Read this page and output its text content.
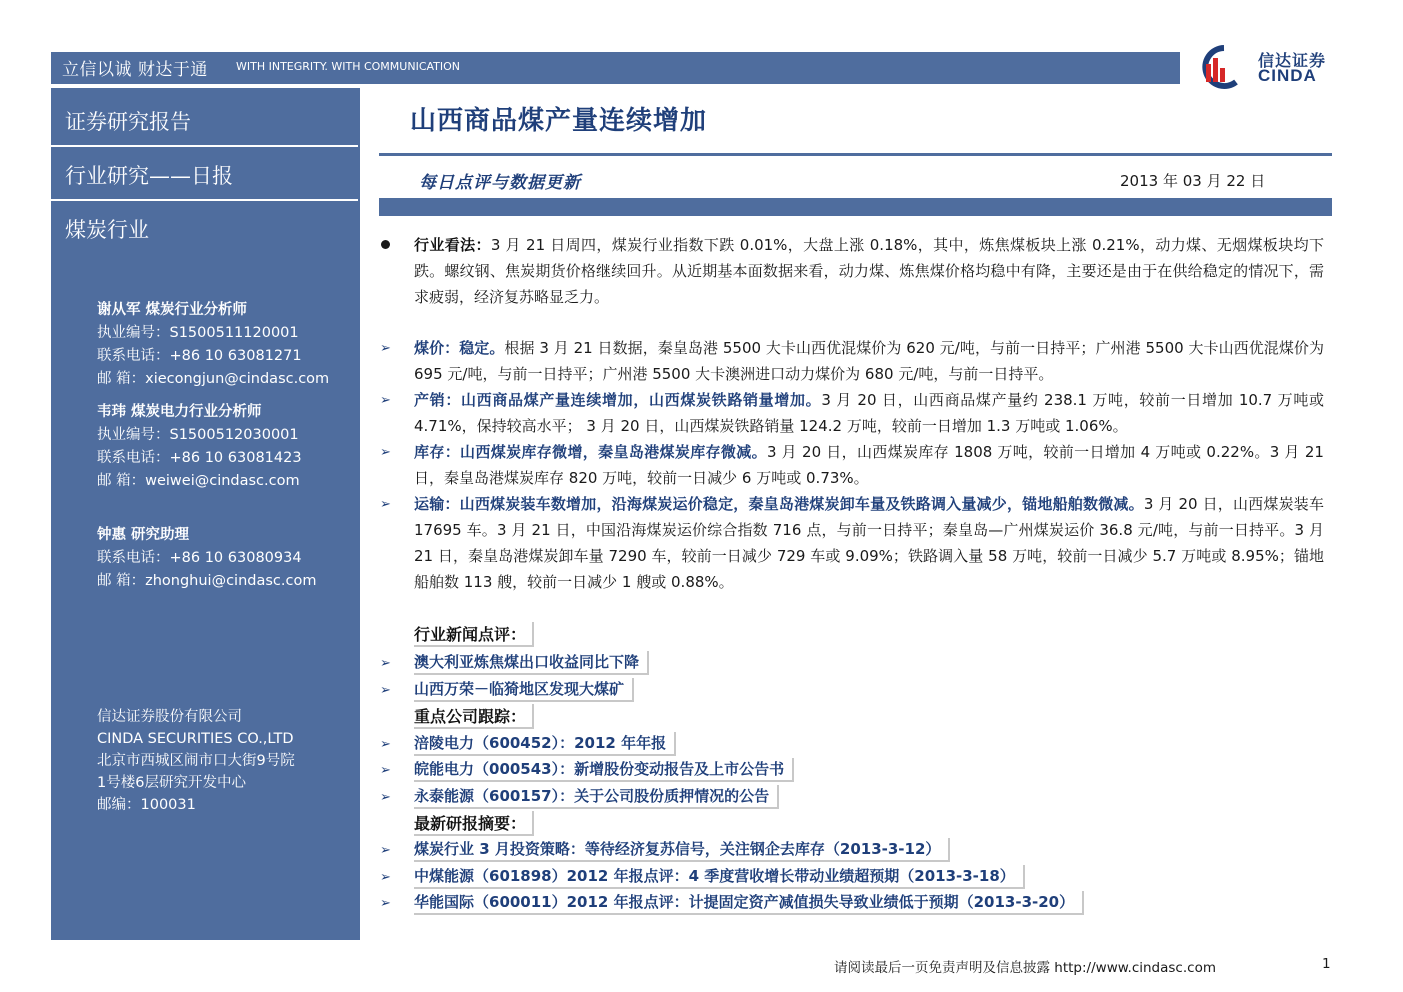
立信以诚 财达于通	WITH INTEGRITY. WITH COMMUNICATION	信达证券
CINDA
证券研究报告
行业研究——日报
煤炭行业
谢从军 煤炭行业分析师
执业编号：S1500511120001
联系电话：+86 10 63081271
邮 箱：xiecongjun@cindasc.com
韦玮 煤炭电力行业分析师
执业编号：S1500512030001
联系电话：+86 10 63081423
邮 箱：weiwei@cindasc.com
钟惠 研究助理
联系电话：+86 10 63080934
邮 箱：zhonghui@cindasc.com
信达证券股份有限公司
CINDA SECURITIES CO.,LTD
北京市西城区闹市口大街9号院
1号楼6层研究开发中心
邮编：100031
山西商品煤产量连续增加
每日点评与数据更新	2013 年 03 月 22 日
行业看法：3 月 21 日周四，煤炭行业指数下跌 0.01%，大盘上涨 0.18%，其中，炼焦煤板块上涨 0.21%，动力煤、无烟煤板块均下跌。螺纹钢、焦炭期货价格继续回升。从近期基本面数据来看，动力煤、炼焦煤价格均稳中有降，主要还是由于在供给稳定的情况下，需求疲弱，经济复苏略显乏力。
➢ 煤价：稳定。根据 3 月 21 日数据，秦皇岛港 5500 大卡山西优混煤价为 620 元/吨，与前一日持平；广州港 5500 大卡山西优混煤价为 695 元/吨，与前一日持平；广州港 5500 大卡澳洲进口动力煤价为 680 元/吨，与前一日持平。
➢ 产销：山西商品煤产量连续增加，山西煤炭铁路销量增加。3 月 20 日，山西商品煤产量约 238.1 万吨，较前一日增加 10.7 万吨或 4.71%，保持较高水平； 3 月 20 日，山西煤炭铁路销量 124.2 万吨，较前一日增加 1.3 万吨或 1.06%。
➢ 库存：山西煤炭库存微增，秦皇岛港煤炭库存微减。3 月 20 日，山西煤炭库存 1808 万吨，较前一日增加 4 万吨或 0.22%。3 月 21 日，秦皇岛港煤炭库存 820 万吨，较前一日减少 6 万吨或 0.73%。
➢ 运输：山西煤炭装车数增加，沿海煤炭运价稳定，秦皇岛港煤炭卸车量及铁路调入量减少，锚地船舶数微减。3 月 20 日，山西煤炭装车 17695 车。3 月 21 日，中国沿海煤炭运价综合指数 716 点，与前一日持平；秦皇岛—广州煤炭运价 36.8 元/吨，与前一日持平。3 月 21 日，秦皇岛港煤炭卸车量 7290 车，较前一日减少 729 车或 9.09%；铁路调入量 58 万吨，较前一日减少 5.7 万吨或 8.95%；锚地船舶数 113 艘，较前一日减少 1 艘或 0.88%。
行业新闻点评：
➢ 澳大利亚炼焦煤出口收益同比下降
➢ 山西万荣－临猗地区发现大煤矿
重点公司跟踪：
➢ 涪陵电力（600452）：2012 年年报
➢ 皖能电力（000543）：新增股份变动报告及上市公告书
➢ 永泰能源（600157）：关于公司股份质押情况的公告
最新研报摘要：
➢ 煤炭行业 3 月投资策略：等待经济复苏信号，关注钢企去库存（2013-3-12）
➢ 中煤能源（601898）2012 年报点评：4 季度营收增长带动业绩超预期（2013-3-18）
➢ 华能国际（600011）2012 年报点评：计提固定资产减值损失导致业绩低于预期（2013-3-20）
请阅读最后一页免责声明及信息披露 http://www.cindasc.com	1
